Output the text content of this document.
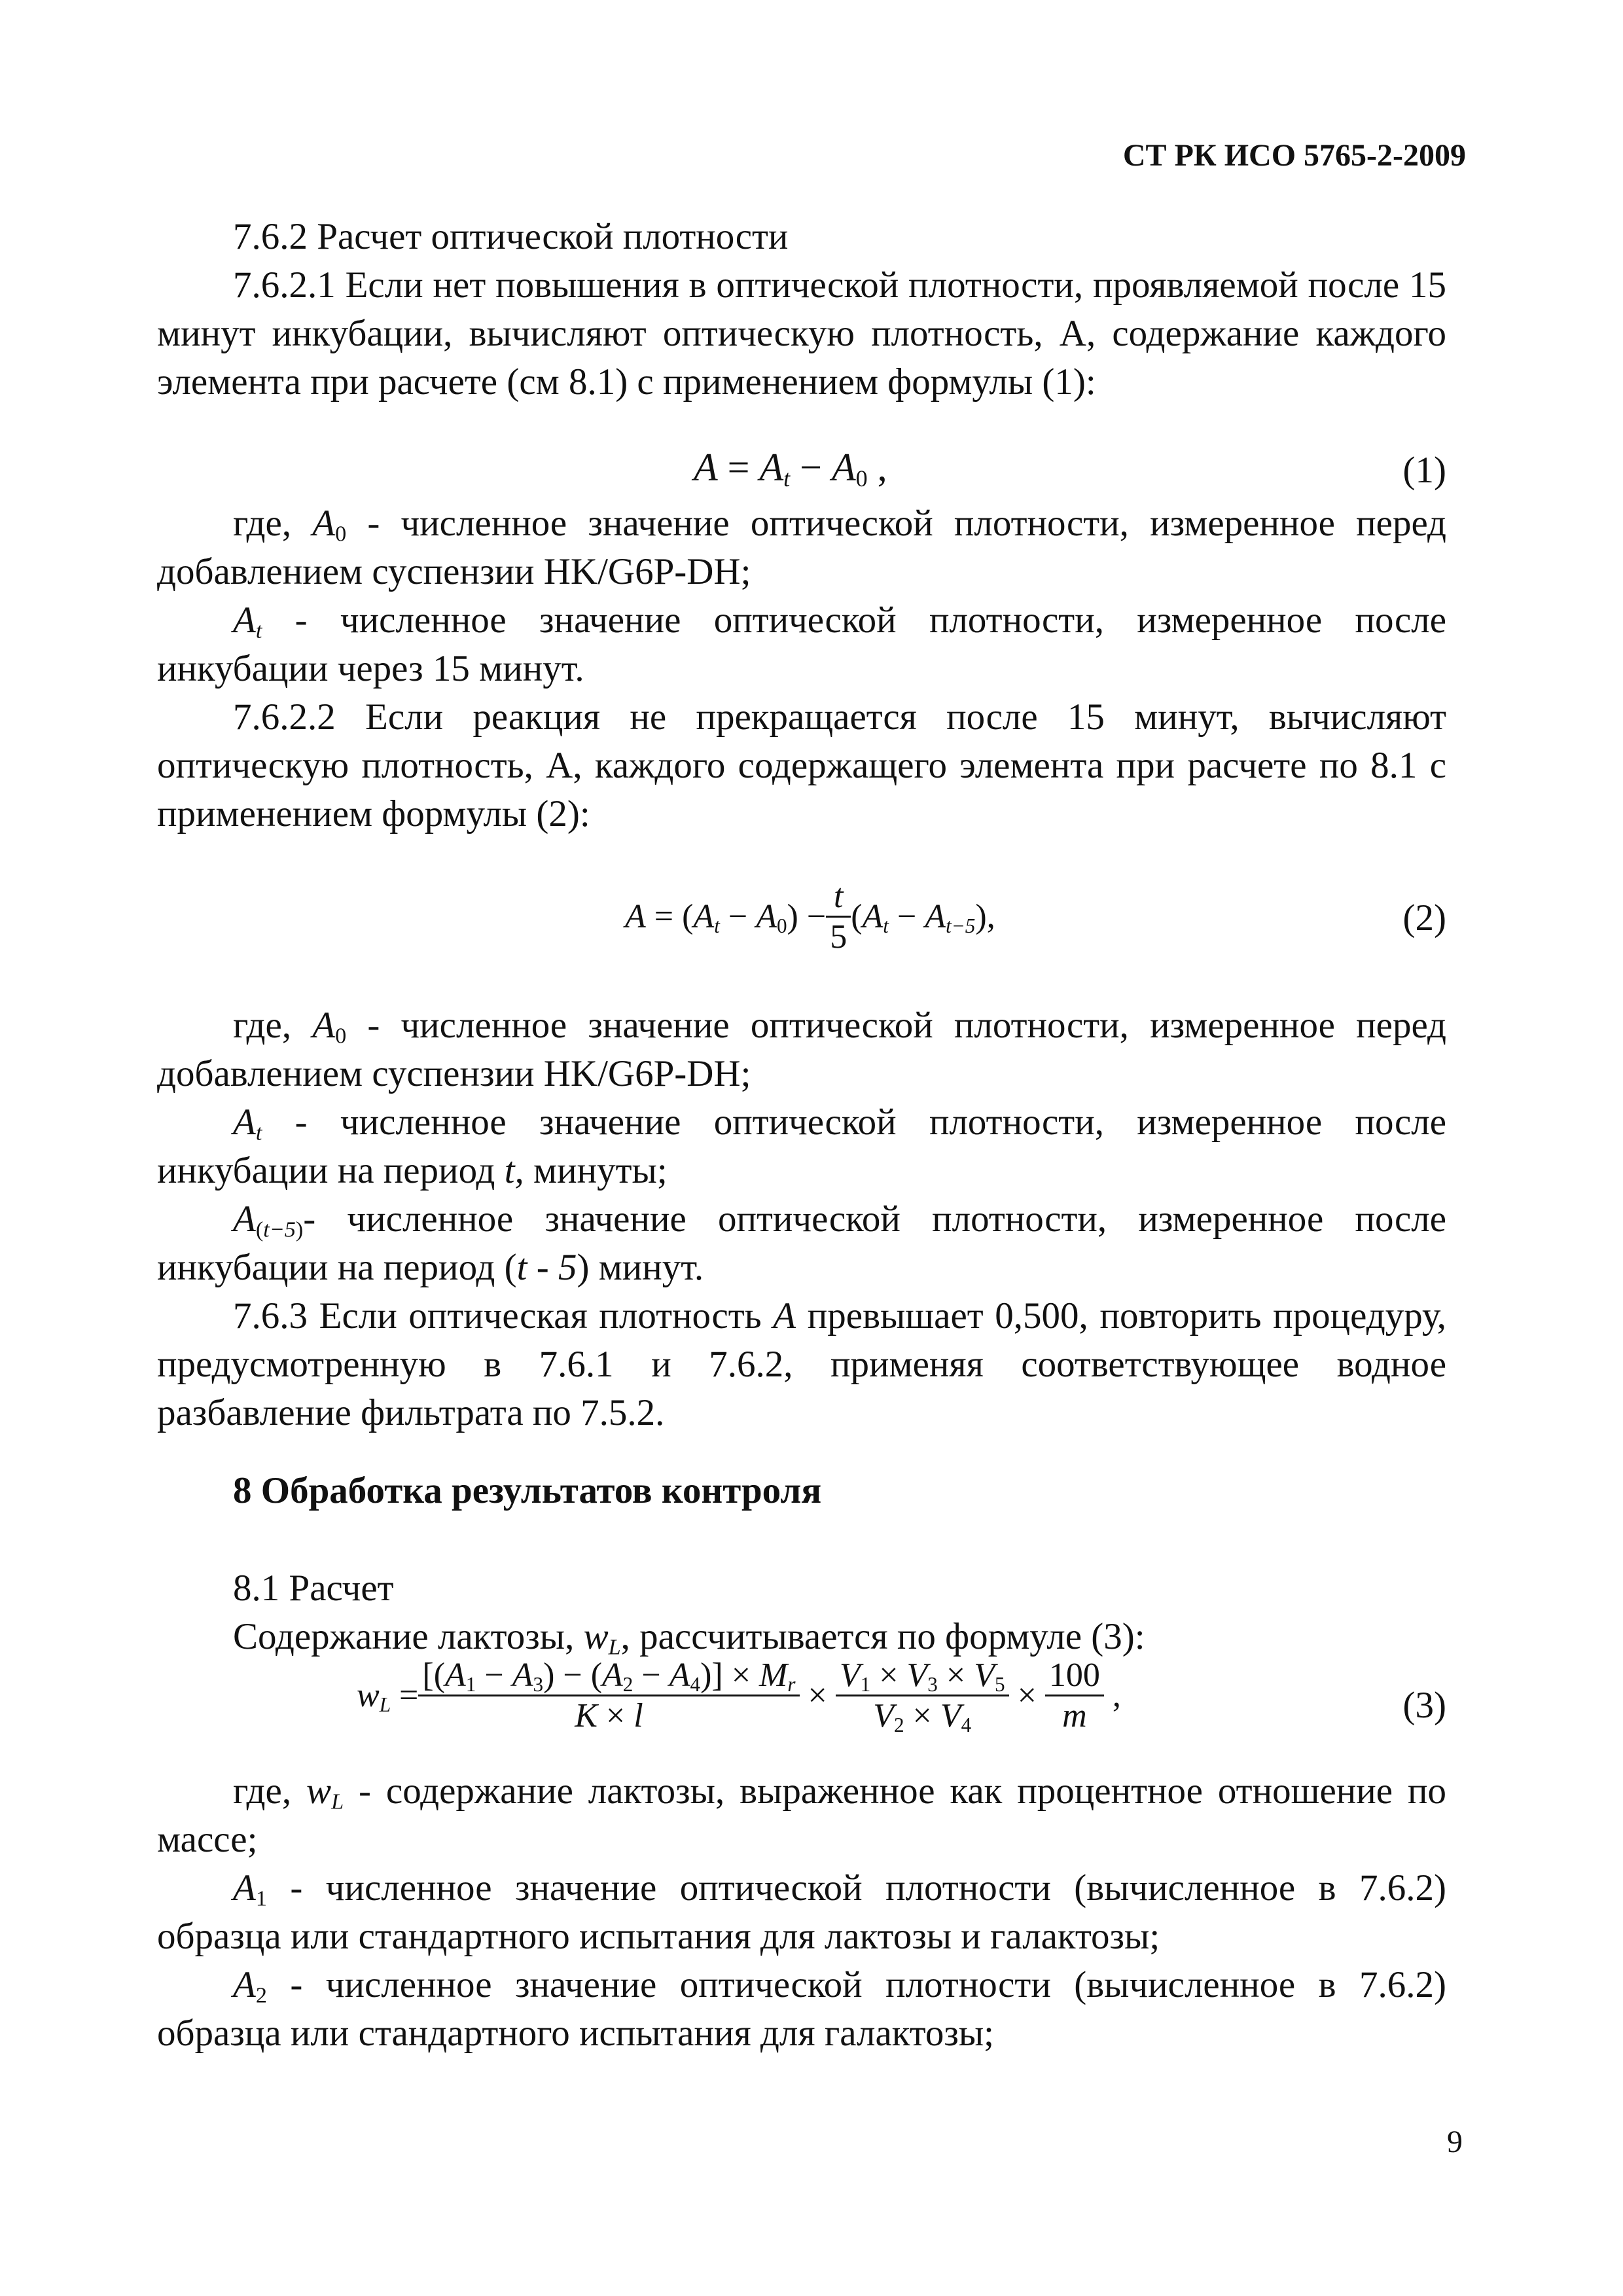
СТ РК ИСО 5765-2-2009

7.6.2 Расчет оптической плотности

7.6.2.1 Если нет повышения в оптической плотности, проявляемой после 15 минут инкубации, вычисляют оптическую плотность, А, содержание каждого элемента при расчете (см 8.1) с применением формулы (1):

$A = A_t - A_0$ ,	(1)

где, $A_0$ - численное значение оптической плотности, измеренное перед добавлением суспензии HK/G6P-DH;

$A_t$ - численное значение оптической плотности, измеренное после инкубации через 15 минут.

7.6.2.2 Если реакция не прекращается после 15 минут, вычисляют оптическую плотность, А, каждого содержащего элемента при расчете по 8.1 с применением формулы (2):

$A = (A_t - A_0) - \frac{t}{5} (A_t - A_{t-5})$,	(2)

где, $A_0$ - численное значение оптической плотности, измеренное перед добавлением суспензии HK/G6P-DH;

$A_t$ - численное значение оптической плотности, измеренное после инкубации на период t, минуты;

$A_{(t-5)}-$ численное значение оптической плотности, измеренное после инкубации на период (t - 5) минут.

7.6.3 Если оптическая плотность A превышает 0,500, повторить процедуру, предусмотренную в 7.6.1 и 7.6.2, применяя соответствующее водное разбавление фильтрата по 7.5.2.

8 Обработка результатов контроля

8.1 Расчет

Содержание лактозы, $w_L$, рассчитывается по формуле (3):

$w_L = \frac{[(A_1 - A_3) - (A_2 - A_4)] \times M_r}{K \times l} \times \frac{V_1 \times V_3 \times V_5}{V_2 \times V_4} \times \frac{100}{m}$ ,	(3)

где, $w_L$ - содержание лактозы, выраженное как процентное отношение по массе;

$A_1$ - численное значение оптической плотности (вычисленное в 7.6.2) образца или стандартного испытания для лактозы и галактозы;

$A_2$ - численное значение оптической плотности (вычисленное в 7.6.2) образца или стандартного испытания для галактозы;

9
